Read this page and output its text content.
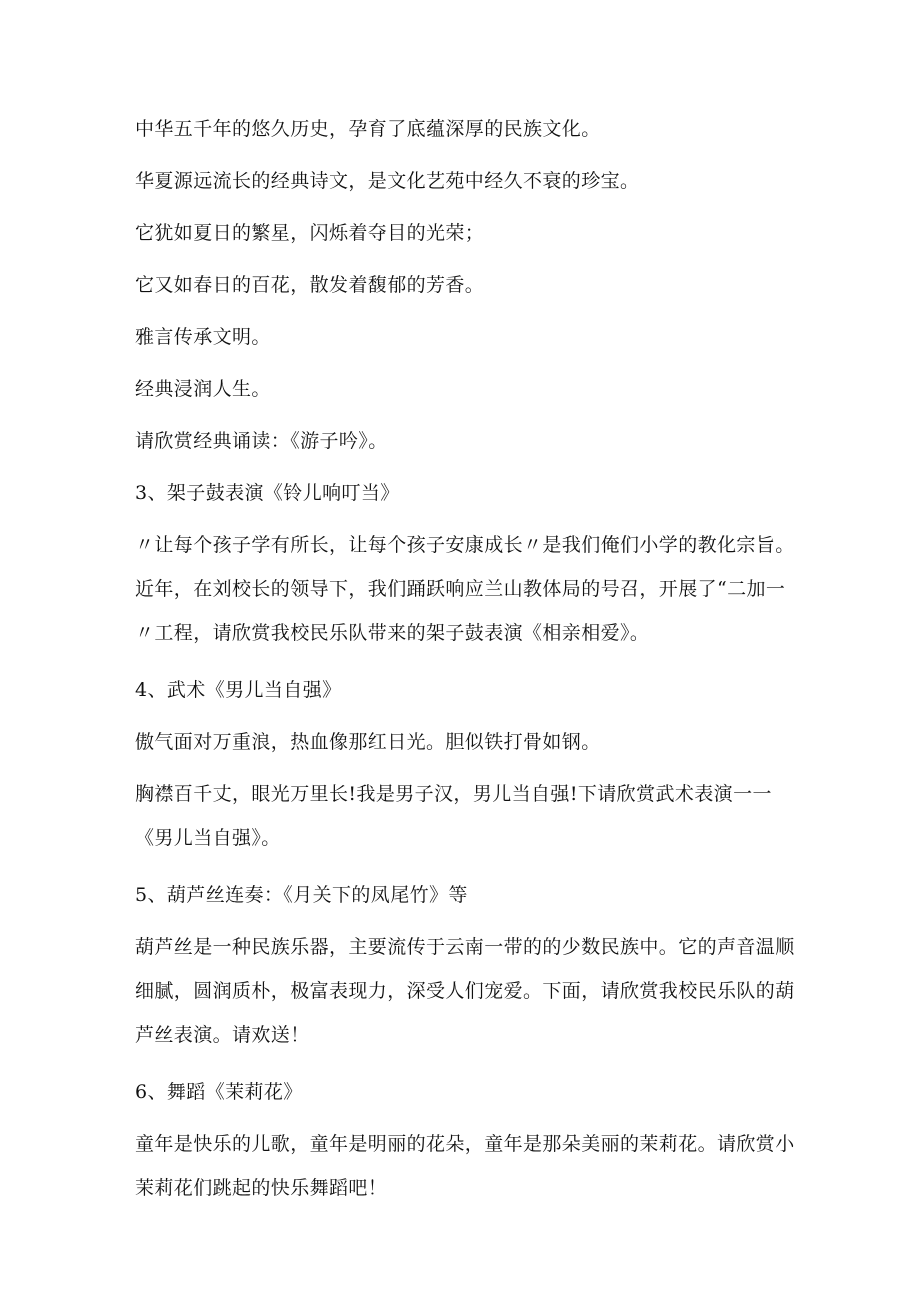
中华五千年的悠久历史，孕育了底蕴深厚的民族文化。

华夏源远流长的经典诗文，是文化艺苑中经久不衰的珍宝。

它犹如夏日的繁星，闪烁着夺目的光荣；

它又如春日的百花，散发着馥郁的芳香。

雅言传承文明。

经典浸润人生。

请欣赏经典诵读：《游子吟》。

3、架子鼓表演《铃儿响叮当》

〃让每个孩子学有所长，让每个孩子安康成长〃是我们俺们小学的教化宗旨。近年，在刘校长的领导下，我们踊跃响应兰山教体局的号召，开展了“二加一〃工程，请欣赏我校民乐队带来的架子鼓表演《相亲相爱》。

4、武术《男儿当自强》

傲气面对万重浪，热血像那红日光。胆似铁打骨如钢。

胸襟百千丈，眼光万里长!我是男子汉，男儿当自强!下请欣赏武术表演一一《男儿当自强》。

5、葫芦丝连奏：《月关下的凤尾竹》等

葫芦丝是一种民族乐器，主要流传于云南一带的的少数民族中。它的声音温顺细腻，圆润质朴，极富表现力，深受人们宠爱。下面，请欣赏我校民乐队的葫芦丝表演。请欢送！

6、舞蹈《茉莉花》

童年是快乐的儿歌，童年是明丽的花朵，童年是那朵美丽的茉莉花。请欣赏小茉莉花们跳起的快乐舞蹈吧！
